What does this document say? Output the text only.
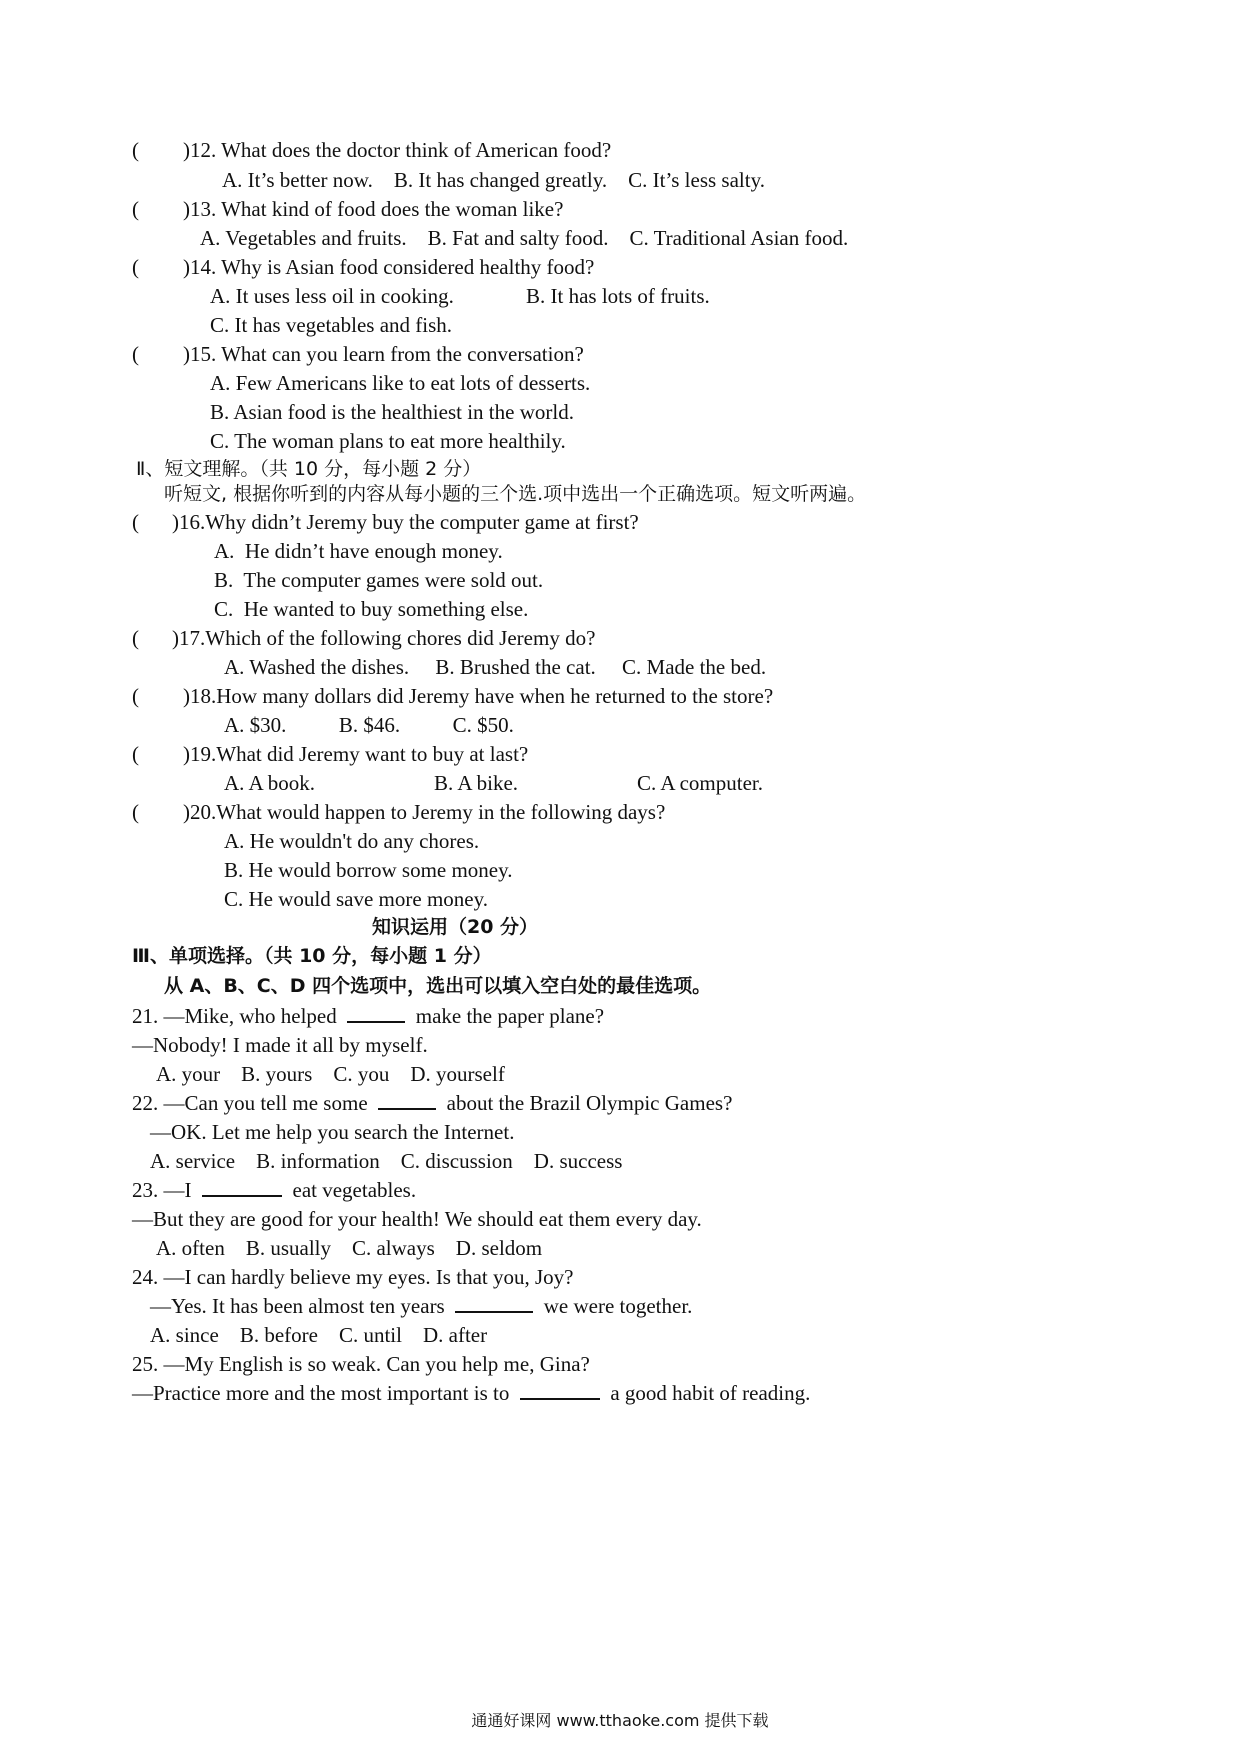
( )12. What does the doctor think of American food?
A. It’s better now.    B. It has changed greatly.    C. It’s less salty.
( )13. What kind of food does the woman like?
A. Vegetables and fruits.    B. Fat and salty food.    C. Traditional Asian food.
( )14. Why is Asian food considered healthy food?
A. It uses less oil in cooking.	B. It has lots of fruits.
C. It has vegetables and fish.
( )15. What can you learn from the conversation?
A. Few Americans like to eat lots of desserts.
B. Asian food is the healthiest in the world.
C. The woman plans to eat more healthily.
Ⅱ、短文理解。（共 10 分，每小题 2 分）
听短文, 根据你听到的内容从每小题的三个选.项中选出一个正确选项。短文听两遍。
( )16.Why didn’t Jeremy buy the computer game at first?
A.  He didn’t have enough money.
B.  The computer games were sold out.
C.  He wanted to buy something else.
( )17.Which of the following chores did Jeremy do?
A. Washed the dishes.     B. Brushed the cat.     C. Made the bed.
( )18.How many dollars did Jeremy have when he returned to the store?
A. $30.          B. $46.          C. $50.
( )19.What did Jeremy want to buy at last?
A. A book.	B. A bike.	C. A computer.
( )20.What would happen to Jeremy in the following days?
A. He wouldn't do any chores.
B. He would borrow some money.
C. He would save more money.
知识运用（20 分）
Ⅲ、单项选择。（共 10 分，每小题 1 分）
从 A、B、C、D 四个选项中，选出可以填入空白处的最佳选项。
21. —Mike, who helped	make the paper plane?
—Nobody! I made it all by myself.
A. your    B. yours    C. you    D. yourself
22. —Can you tell me some	about the Brazil Olympic Games?
—OK. Let me help you search the Internet.
A. service    B. information    C. discussion    D. success
23. —I	eat vegetables.
—But they are good for your health! We should eat them every day.
A. often    B. usually    C. always    D. seldom
24. —I can hardly believe my eyes. Is that you, Joy?
—Yes. It has been almost ten years	we were together.
A. since    B. before    C. until    D. after
25. —My English is so weak. Can you help me, Gina?
—Practice more and the most important is to	a good habit of reading.
通通好课网 www.tthaoke.com 提供下载
